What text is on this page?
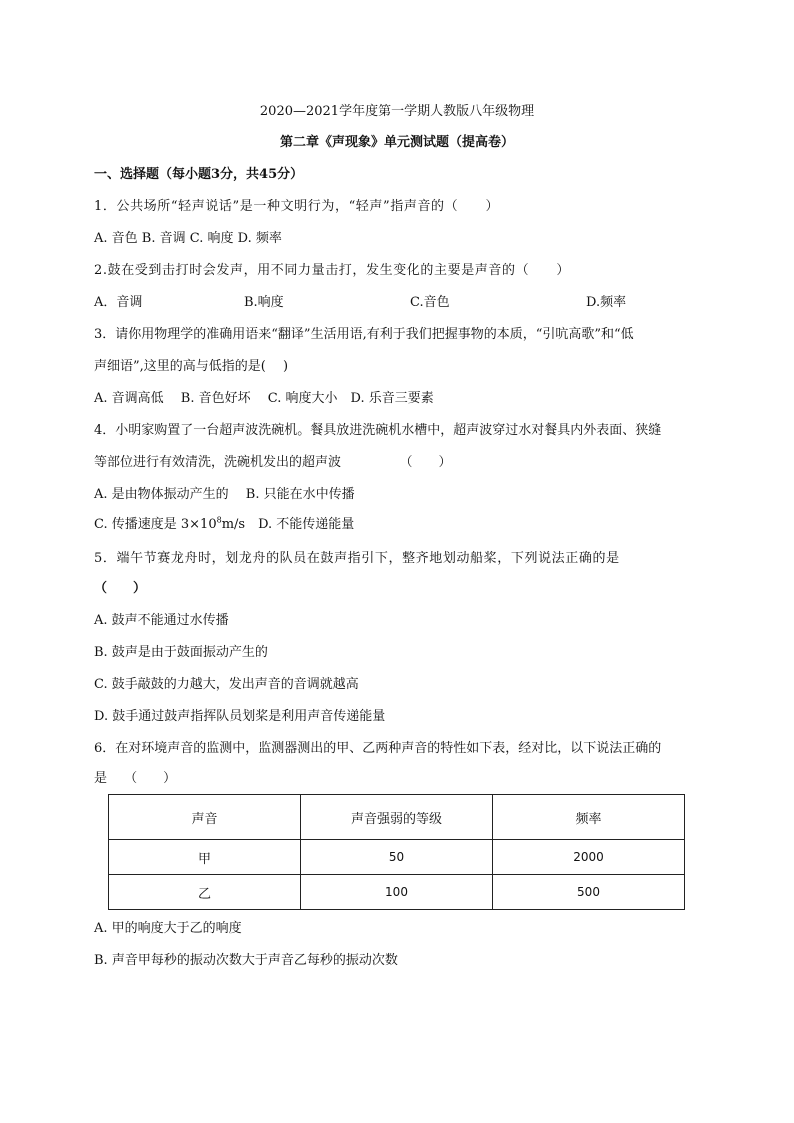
2020—2021学年度第一学期人教版八年级物理
第二章《声现象》单元测试题（提高卷）
一、选择题（每小题3分，共45分）
1．公共场所“轻声说话”是一种文明行为，“轻声”指声音的（　　）
A. 音色 B. 音调 C. 响度 D. 频率
2.鼓在受到击打时会发声，用不同力量击打，发生变化的主要是声音的（　　）
A．音调	B.响度	C.音色	D.频率
3．请你用物理学的准确用语来“翻译”生活用语,有利于我们把握事物的本质，“引吭高歌”和“低
声细语”,这里的高与低指的是(　 )
A. 音调高低　 B. 音色好坏　 C. 响度大小　D. 乐音三要素
4．小明家购置了一台超声波洗碗机。餐具放进洗碗机水槽中，超声波穿过水对餐具内外表面、狭缝
等部位进行有效清洗，洗碗机发出的超声波　　　　　（　　）
A. 是由物体振动产生的　 B. 只能在水中传播
C. 传播速度是 $3\times 10^8m/s$　D. 不能传递能量
5．端午节赛龙舟时，划龙舟的队员在鼓声指引下，整齐地划动船桨，下列说法正确的是
（　　）
A. 鼓声不能通过水传播
B. 鼓声是由于鼓面振动产生的
C. 鼓手敲鼓的力越大，发出声音的音调就越高
D. 鼓手通过鼓声指挥队员划桨是利用声音传递能量
6．在对环境声音的监测中，监测器测出的甲、乙两种声音的特性如下表，经对比，以下说法正确的
是　 （　　）
声音	声音强弱的等级	频率
甲	50	2000
乙	100	500
A. 甲的响度大于乙的响度
B. 声音甲每秒的振动次数大于声音乙每秒的振动次数
